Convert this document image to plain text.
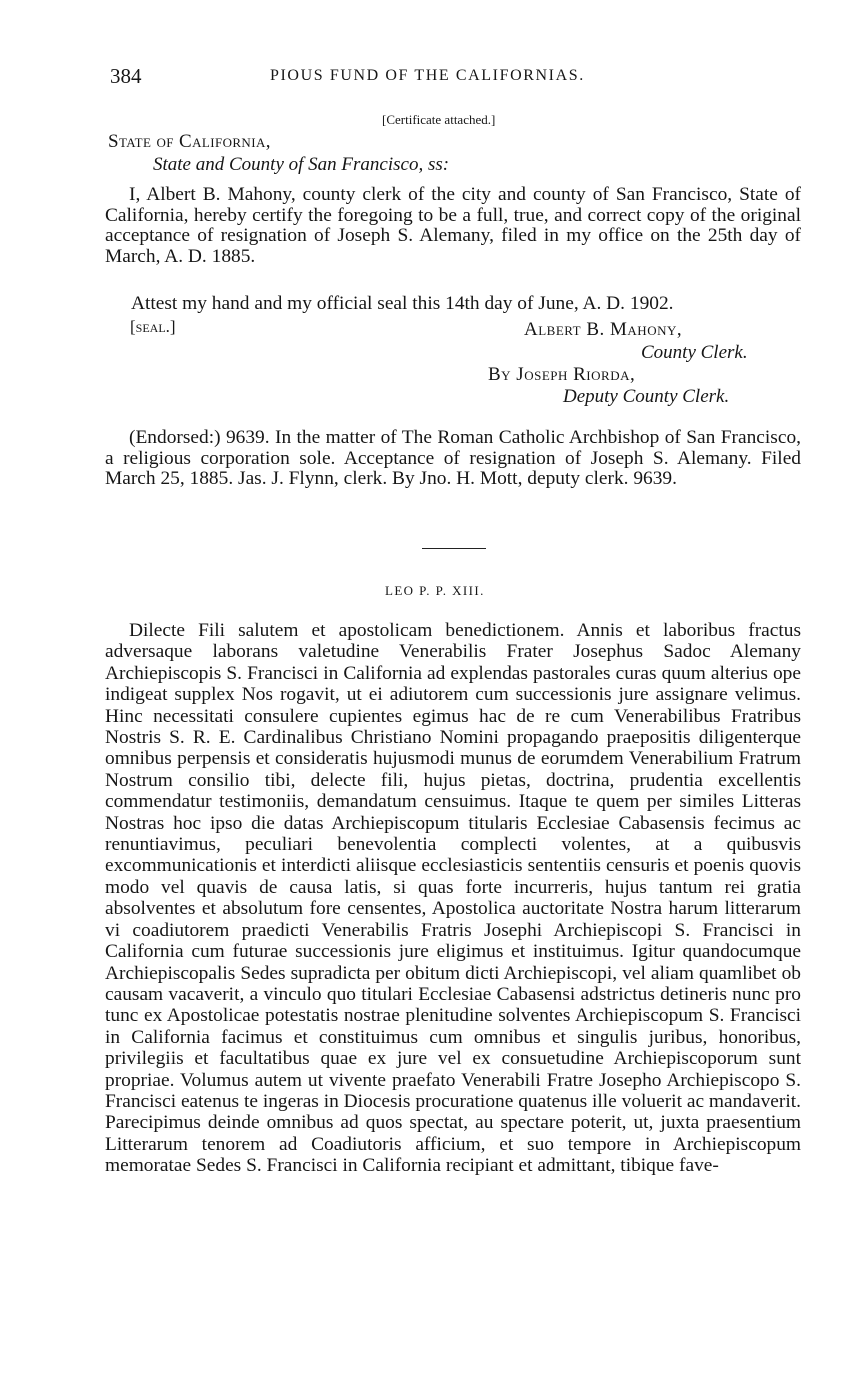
384	PIOUS FUND OF THE CALIFORNIAS.
[Certificate attached.]
State of California,
State and County of San Francisco, ss:

I, Albert B. Mahony, county clerk of the city and county of San Francisco, State of California, hereby certify the foregoing to be a full, true, and correct copy of the original acceptance of resignation of Joseph S. Alemany, filed in my office on the 25th day of March, A. D. 1885.

Attest my hand and my official seal this 14th day of June, A. D. 1902.

[seal.]	Albert B. Mahony,
County Clerk.
By Joseph Riorda,
Deputy County Clerk.

(Endorsed:) 9639. In the matter of The Roman Catholic Archbishop of San Francisco, a religious corporation sole. Acceptance of resignation of Joseph S. Alemany. Filed March 25, 1885. Jas. J. Flynn, clerk. By Jno. H. Mott, deputy clerk. 9639.

LEO P. P. XIII.

Dilecte Fili salutem et apostolicam benedictionem. Annis et laboribus fractus adversaque laborans valetudine Venerabilis Frater Josephus Sadoc Alemany Archiepiscopis S. Francisci in California ad explendas pastorales curas quum alterius ope indigeat supplex Nos rogavit, ut ei adiutorem cum successionis jure assignare velimus. Hinc necessitati consulere cupientes egimus hac de re cum Venerabilibus Fratribus Nostris S. R. E. Cardinalibus Christiano Nomini propagando praepositis diligenterque omnibus perpensis et consideratis hujusmodi munus de eorumdem Venerabilium Fratrum Nostrum consilio tibi, delecte fili, hujus pietas, doctrina, prudentia excellentis commendatur testimoniis, demandatum censuimus. Itaque te quem per similes Litteras Nostras hoc ipso die datas Archiepiscopum titularis Ecclesiae Cabasensis fecimus ac renuntiavimus, peculiari benevolentia complecti volentes, at a quibusvis excommunicationis et interdicti aliisque ecclesiasticis sententiis censuris et poenis quovis modo vel quavis de causa latis, si quas forte incurreris, hujus tantum rei gratia absolventes et absolutum fore censentes, Apostolica auctoritate Nostra harum litterarum vi coadiutorem praedicti Venerabilis Fratris Josephi Archiepiscopi S. Francisci in California cum futurae successionis jure eligimus et instituimus. Igitur quandocumque Archiepiscopalis Sedes supradicta per obitum dicti Archiepiscopi, vel aliam quamlibet ob causam vacaverit, a vinculo quo titulari Ecclesiae Cabasensi adstrictus detineris nunc pro tunc ex Apostolicae potestatis nostrae plenitudine solventes Archiepiscopum S. Francisci in California facimus et constituimus cum omnibus et singulis juribus, honoribus, privilegiis et facultatibus quae ex jure vel ex consuetudine Archiepiscoporum sunt propriae. Volumus autem ut vivente praefato Venerabili Fratre Josepho Archiepiscopo S. Francisci eatenus te ingeras in Diocesis procuratione quatenus ille voluerit ac mandaverit. Parecipimus deinde omnibus ad quos spectat, au spectare poterit, ut, juxta praesentium Litterarum tenorem ad Coadiutoris afficium, et suo tempore in Archiepiscopum memoratae Sedes S. Francisci in California recipiant et admittant, tibique fave-
